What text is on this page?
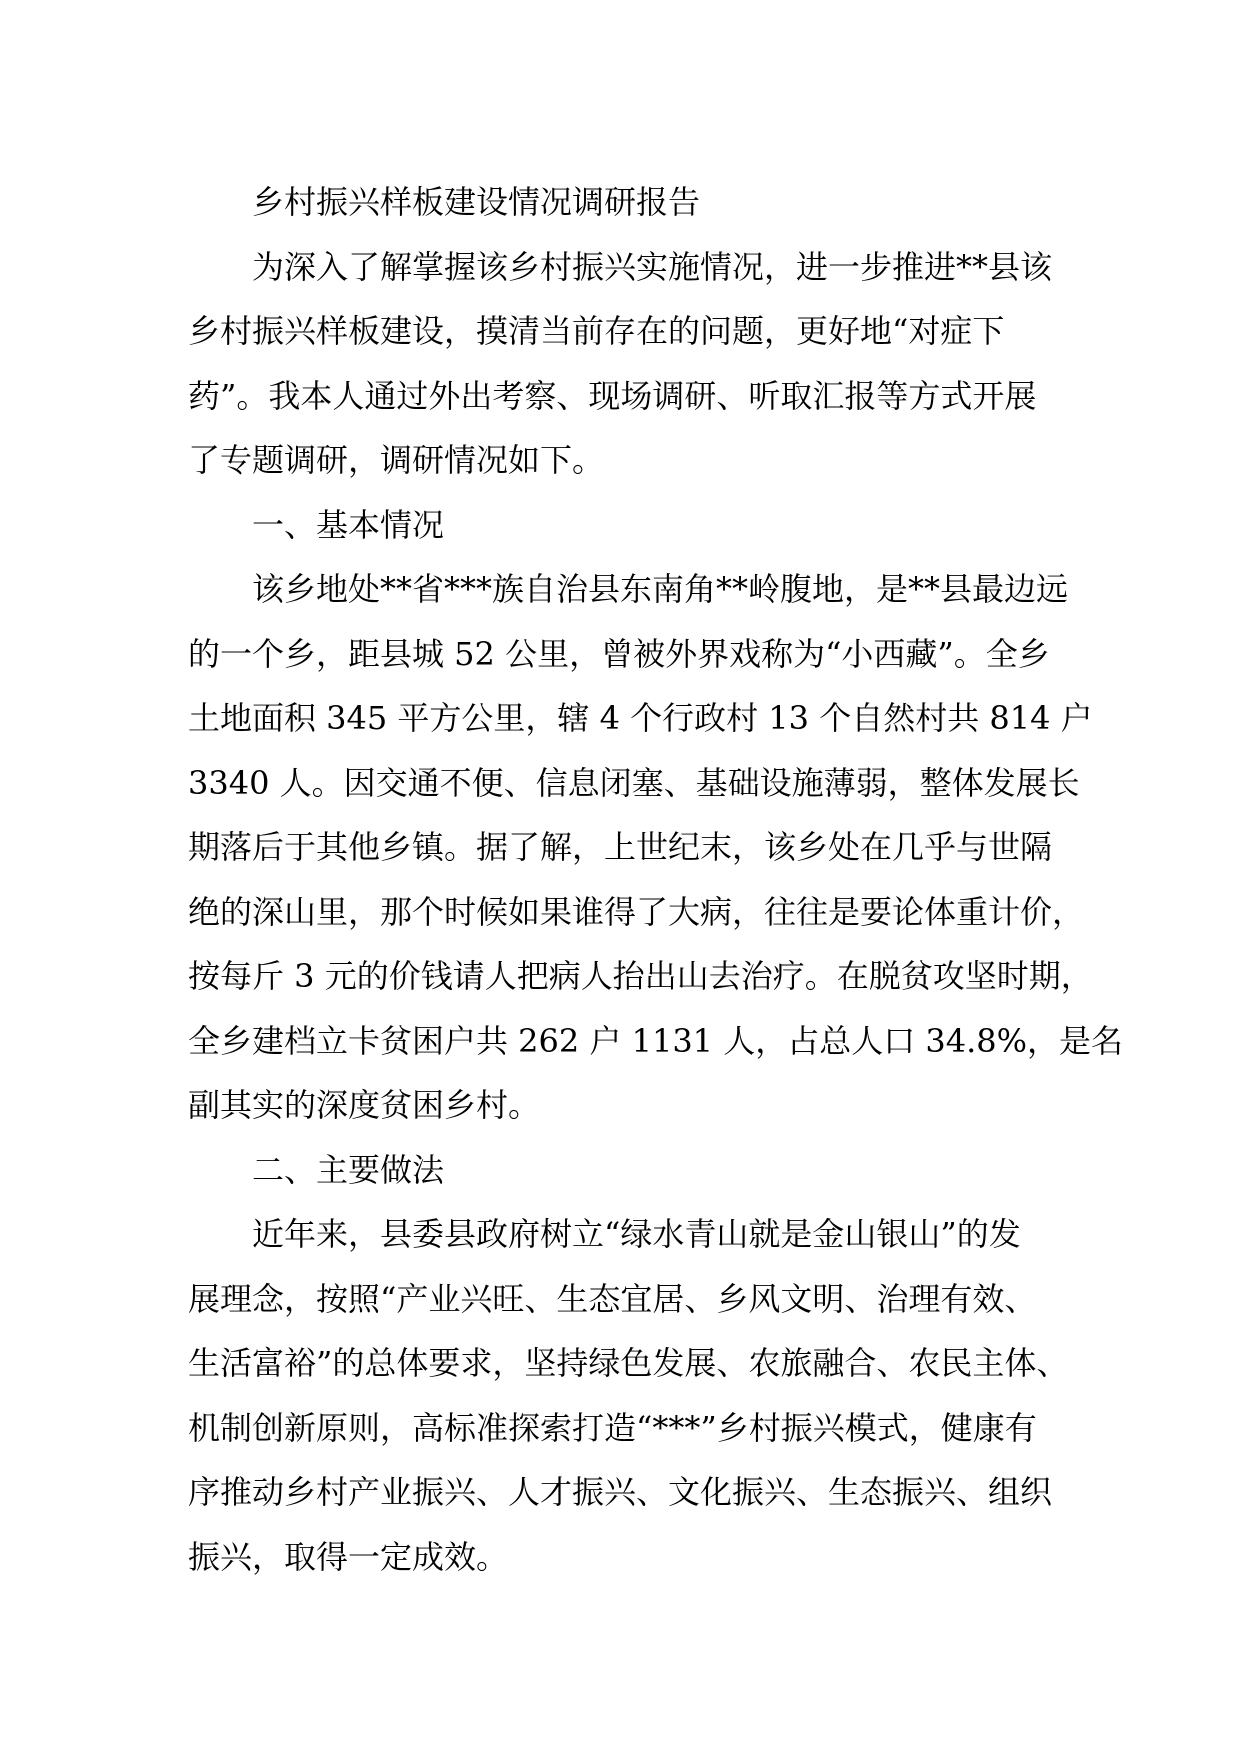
乡村振兴样板建设情况调研报告
为深入了解掌握该乡村振兴实施情况，进一步推进**县该
乡村振兴样板建设，摸清当前存在的问题，更好地“对症下
药”。我本人通过外出考察、现场调研、听取汇报等方式开展
了专题调研，调研情况如下。
一、基本情况
该乡地处**省***族自治县东南角**岭腹地，是**县最边远
的一个乡，距县城 52 公里，曾被外界戏称为“小西藏”。全乡
土地面积 345 平方公里，辖 4 个行政村 13 个自然村共 814 户
3340 人。因交通不便、信息闭塞、基础设施薄弱，整体发展长
期落后于其他乡镇。据了解，上世纪末，该乡处在几乎与世隔
绝的深山里，那个时候如果谁得了大病，往往是要论体重计价，
按每斤 3 元的价钱请人把病人抬出山去治疗。在脱贫攻坚时期，
全乡建档立卡贫困户共 262 户 1131 人，占总人口 34.8%，是名
副其实的深度贫困乡村。
二、主要做法
近年来，县委县政府树立“绿水青山就是金山银山”的发
展理念，按照“产业兴旺、生态宜居、乡风文明、治理有效、
生活富裕”的总体要求，坚持绿色发展、农旅融合、农民主体、
机制创新原则，高标准探索打造“***”乡村振兴模式，健康有
序推动乡村产业振兴、人才振兴、文化振兴、生态振兴、组织
振兴，取得一定成效。
